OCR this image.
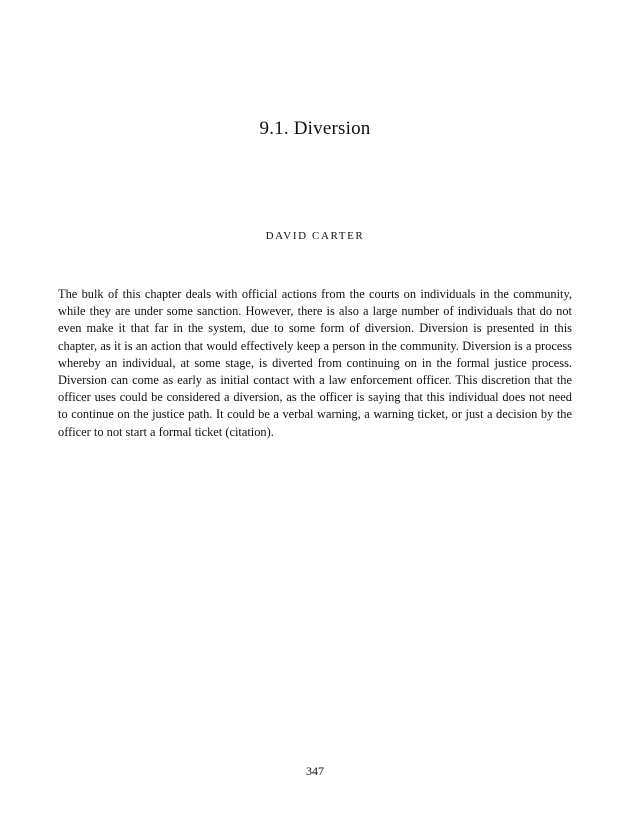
9.1. Diversion
DAVID CARTER

The bulk of this chapter deals with official actions from the courts on individuals in the community, while they are under some sanction. However, there is also a large number of individuals that do not even make it that far in the system, due to some form of diversion. Diversion is presented in this chapter, as it is an action that would effectively keep a person in the community. Diversion is a process whereby an individual, at some stage, is diverted from continuing on in the formal justice process. Diversion can come as early as initial contact with a law enforcement officer. This discretion that the officer uses could be considered a diversion, as the officer is saying that this individual does not need to continue on the justice path. It could be a verbal warning, a warning ticket, or just a decision by the officer to not start a formal ticket (citation).

347
